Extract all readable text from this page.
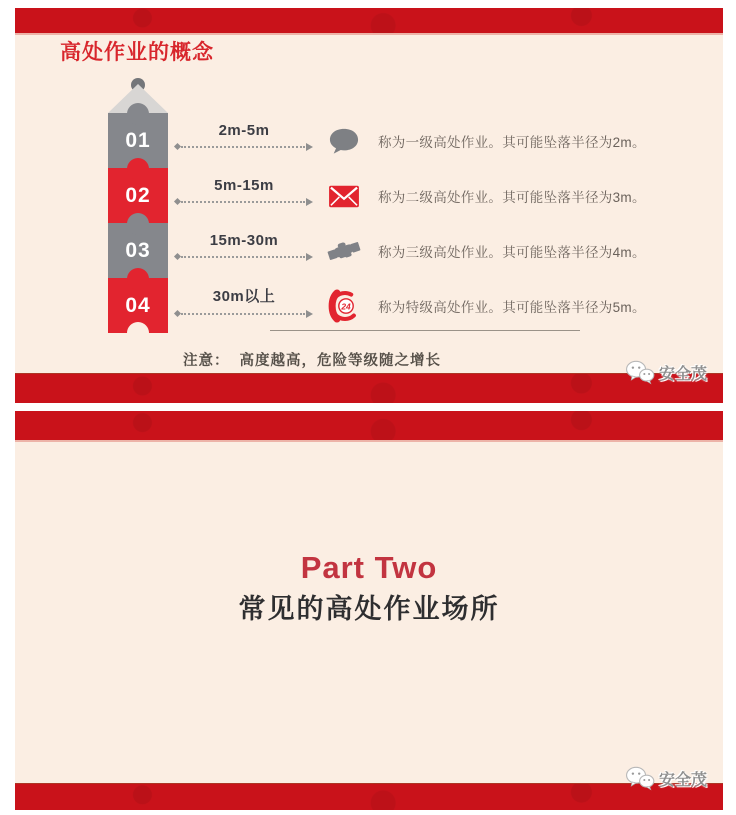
高处作业的概念
01
02
03
04
2m-5m
称为一级高处作业。其可能坠落半径为2m。
5m-15m
称为二级高处作业。其可能坠落半径为3m。
15m-30m
称为三级高处作业。其可能坠落半径为4m。
30m以上
24 称为特级高处作业。其可能坠落半径为5m。
注意： 高度越高，危险等级随之增长
安全茂
Part Two
常见的高处作业场所
安全茂
